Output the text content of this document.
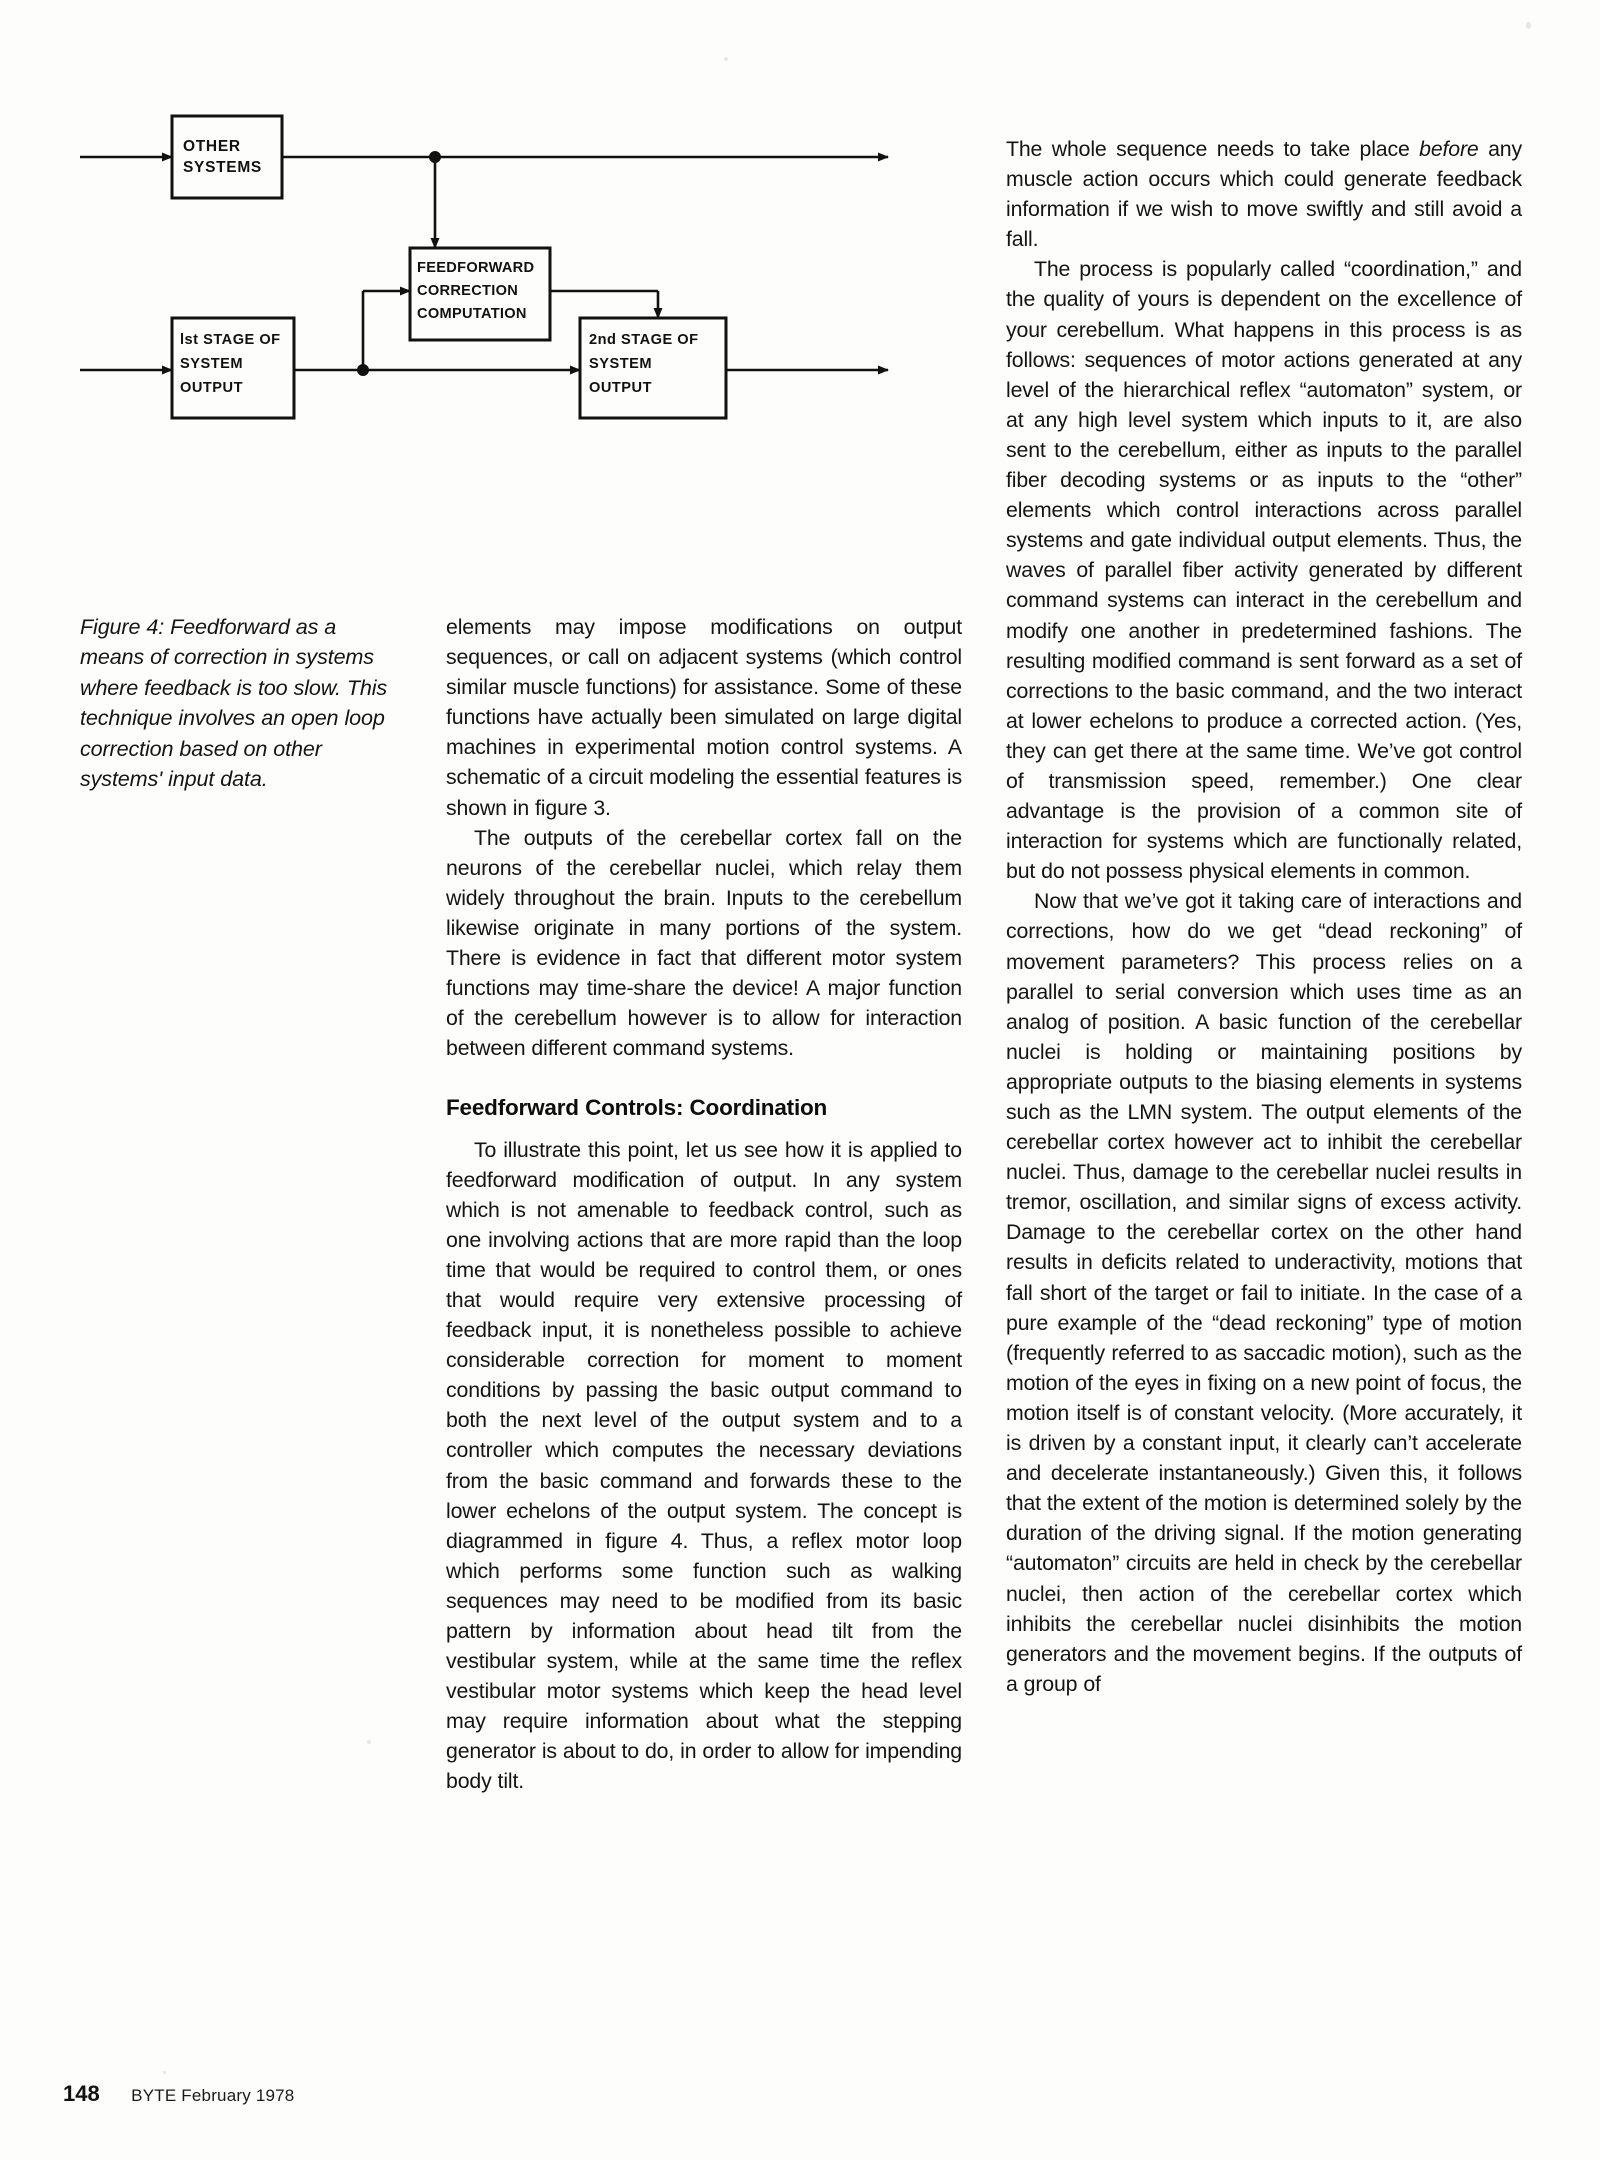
OTHER
SYSTEMS
FEEDFORWARD
CORRECTION
COMPUTATION
lst STAGE OF
SYSTEM
OUTPUT
2nd STAGE OF
SYSTEM
OUTPUT
Figure 4: Feedforward as a means of correction in systems where feedback is too slow. This technique involves an open loop correction based on other systems' input data.

elements may impose modifications on output sequences, or call on adjacent systems (which control similar muscle functions) for assistance. Some of these functions have actually been simulated on large digital machines in experimental motion control systems. A schematic of a circuit modeling the essential features is shown in figure 3.

The outputs of the cerebellar cortex fall on the neurons of the cerebellar nuclei, which relay them widely throughout the brain. Inputs to the cerebellum likewise originate in many portions of the system. There is evidence in fact that different motor system functions may time-share the device! A major function of the cerebellum however is to allow for interaction between different command systems.

Feedforward Controls: Coordination

To illustrate this point, let us see how it is applied to feedforward modification of output. In any system which is not amenable to feedback control, such as one involving actions that are more rapid than the loop time that would be required to control them, or ones that would require very extensive processing of feedback input, it is nonetheless possible to achieve considerable correction for moment to moment conditions by passing the basic output command to both the next level of the output system and to a controller which computes the necessary deviations from the basic command and forwards these to the lower echelons of the output system. The concept is diagrammed in figure 4. Thus, a reflex motor loop which performs some function such as walking sequences may need to be modified from its basic pattern by information about head tilt from the vestibular system, while at the same time the reflex vestibular motor systems which keep the head level may require information about what the stepping generator is about to do, in order to allow for impending body tilt.

The whole sequence needs to take place before any muscle action occurs which could generate feedback information if we wish to move swiftly and still avoid a fall.

The process is popularly called “coordination,” and the quality of yours is dependent on the excellence of your cerebellum. What happens in this process is as follows: sequences of motor actions generated at any level of the hierarchical reflex “automaton” system, or at any high level system which inputs to it, are also sent to the cerebellum, either as inputs to the parallel fiber decoding systems or as inputs to the “other” elements which control interactions across parallel systems and gate individual output elements. Thus, the waves of parallel fiber activity generated by different command systems can interact in the cerebellum and modify one another in predetermined fashions. The resulting modified command is sent forward as a set of corrections to the basic command, and the two interact at lower echelons to produce a corrected action. (Yes, they can get there at the same time. We’ve got control of transmission speed, remember.) One clear advantage is the provision of a common site of interaction for systems which are functionally related, but do not possess physical elements in common.

Now that we’ve got it taking care of interactions and corrections, how do we get “dead reckoning” of movement parameters? This process relies on a parallel to serial conversion which uses time as an analog of position. A basic function of the cerebellar nuclei is holding or maintaining positions by appropriate outputs to the biasing elements in systems such as the LMN system. The output elements of the cerebellar cortex however act to inhibit the cerebellar nuclei. Thus, damage to the cerebellar nuclei results in tremor, oscillation, and similar signs of excess activity. Damage to the cerebellar cortex on the other hand results in deficits related to underactivity, motions that fall short of the target or fail to initiate. In the case of a pure example of the “dead reckoning” type of motion (frequently referred to as saccadic motion), such as the motion of the eyes in fixing on a new point of focus, the motion itself is of constant velocity. (More accurately, it is driven by a constant input, it clearly can’t accelerate and decelerate instantaneously.) Given this, it follows that the extent of the motion is determined solely by the duration of the driving signal. If the motion generating “automaton” circuits are held in check by the cerebellar nuclei, then action of the cerebellar cortex which inhibits the cerebellar nuclei disinhibits the motion generators and the movement begins. If the outputs of a group of

148 BYTE February 1978
